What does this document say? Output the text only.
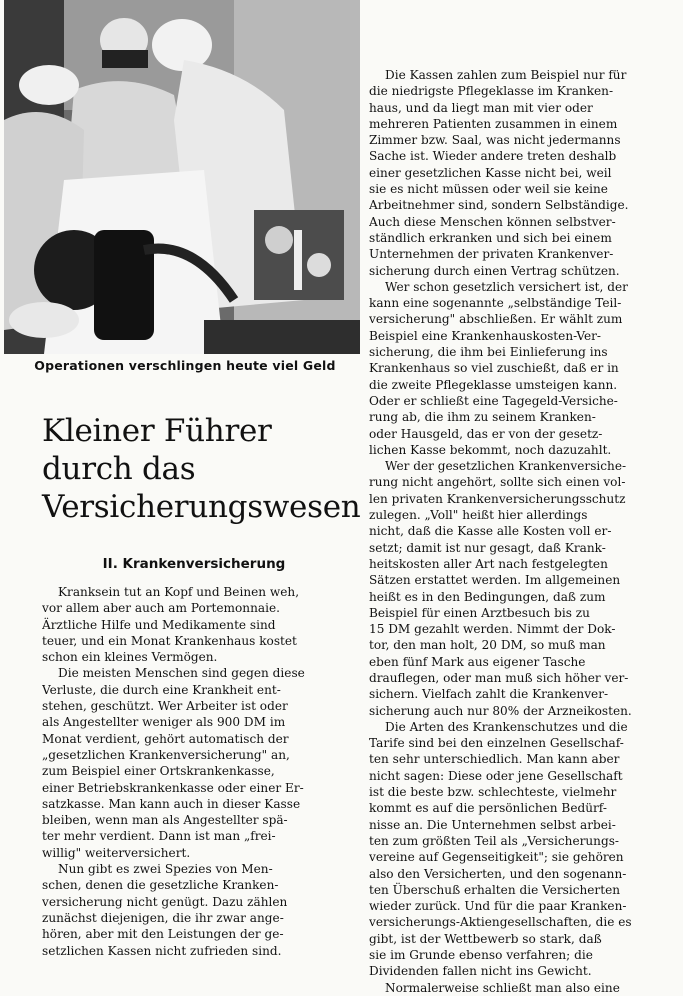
Operationen verschlingen heute viel Geld
Kleiner Führer
durch das
Versicherungswesen
II. Krankenversicherung

Kranksein tut an Kopf und Beinen weh,
vor allem aber auch am Portemonnaie.
Ärztliche Hilfe und Medikamente sind
teuer, und ein Monat Krankenhaus kostet
schon ein kleines Vermögen.

Die meisten Menschen sind gegen diese
Verluste, die durch eine Krankheit ent-
stehen, geschützt. Wer Arbeiter ist oder
als Angestellter weniger als 900 DM im
Monat verdient, gehört automatisch der
„gesetzlichen Krankenversicherung" an,
zum Beispiel einer Ortskrankenkasse,
einer Betriebskrankenkasse oder einer Er-
satzkasse. Man kann auch in dieser Kasse
bleiben, wenn man als Angestellter spä-
ter mehr verdient. Dann ist man „frei-
willig" weiterversichert.

Nun gibt es zwei Spezies von Men-
schen, denen die gesetzliche Kranken-
versicherung nicht genügt. Dazu zählen
zunächst diejenigen, die ihr zwar ange-
hören, aber mit den Leistungen der ge-
setzlichen Kassen nicht zufrieden sind.

Die Kassen zahlen zum Beispiel nur für
die niedrigste Pflegeklasse im Kranken-
haus, und da liegt man mit vier oder
mehreren Patienten zusammen in einem
Zimmer bzw. Saal, was nicht jedermanns
Sache ist. Wieder andere treten deshalb
einer gesetzlichen Kasse nicht bei, weil
sie es nicht müssen oder weil sie keine
Arbeitnehmer sind, sondern Selbständige.
Auch diese Menschen können selbstver-
ständlich erkranken und sich bei einem
Unternehmen der privaten Krankenver-
sicherung durch einen Vertrag schützen.

Wer schon gesetzlich versichert ist, der
kann eine sogenannte „selbständige Teil-
versicherung" abschließen. Er wählt zum
Beispiel eine Krankenhauskosten-Ver-
sicherung, die ihm bei Einlieferung ins
Krankenhaus so viel zuschießt, daß er in
die zweite Pflegeklasse umsteigen kann.
Oder er schließt eine Tagegeld-Versiche-
rung ab, die ihm zu seinem Kranken-
oder Hausgeld, das er von der gesetz-
lichen Kasse bekommt, noch dazuzahlt.

Wer der gesetzlichen Krankenversiche-
rung nicht angehört, sollte sich einen vol-
len privaten Krankenversicherungsschutz
zulegen. „Voll" heißt hier allerdings
nicht, daß die Kasse alle Kosten voll er-
setzt; damit ist nur gesagt, daß Krank-
heitskosten aller Art nach festgelegten
Sätzen erstattet werden. Im allgemeinen
heißt es in den Bedingungen, daß zum
Beispiel für einen Arztbesuch bis zu
15 DM gezahlt werden. Nimmt der Dok-
tor, den man holt, 20 DM, so muß man
eben fünf Mark aus eigener Tasche
drauflegen, oder man muß sich höher ver-
sichern. Vielfach zahlt die Krankenver-
sicherung auch nur 80% der Arzneikosten.

Die Arten des Krankenschutzes und die
Tarife sind bei den einzelnen Gesellschaf-
ten sehr unterschiedlich. Man kann aber
nicht sagen: Diese oder jene Gesellschaft
ist die beste bzw. schlechteste, vielmehr
kommt es auf die persönlichen Bedürf-
nisse an. Die Unternehmen selbst arbei-
ten zum größten Teil als „Versicherungs-
vereine auf Gegenseitigkeit"; sie gehören
also den Versicherten, und den sogenann-
ten Überschuß erhalten die Versicherten
wieder zurück. Und für die paar Kranken-
versicherungs-Aktiengesellschaften, die es
gibt, ist der Wettbewerb so stark, daß
sie im Grunde ebenso verfahren; die
Dividenden fallen nicht ins Gewicht.

Normalerweise schließt man also eine
